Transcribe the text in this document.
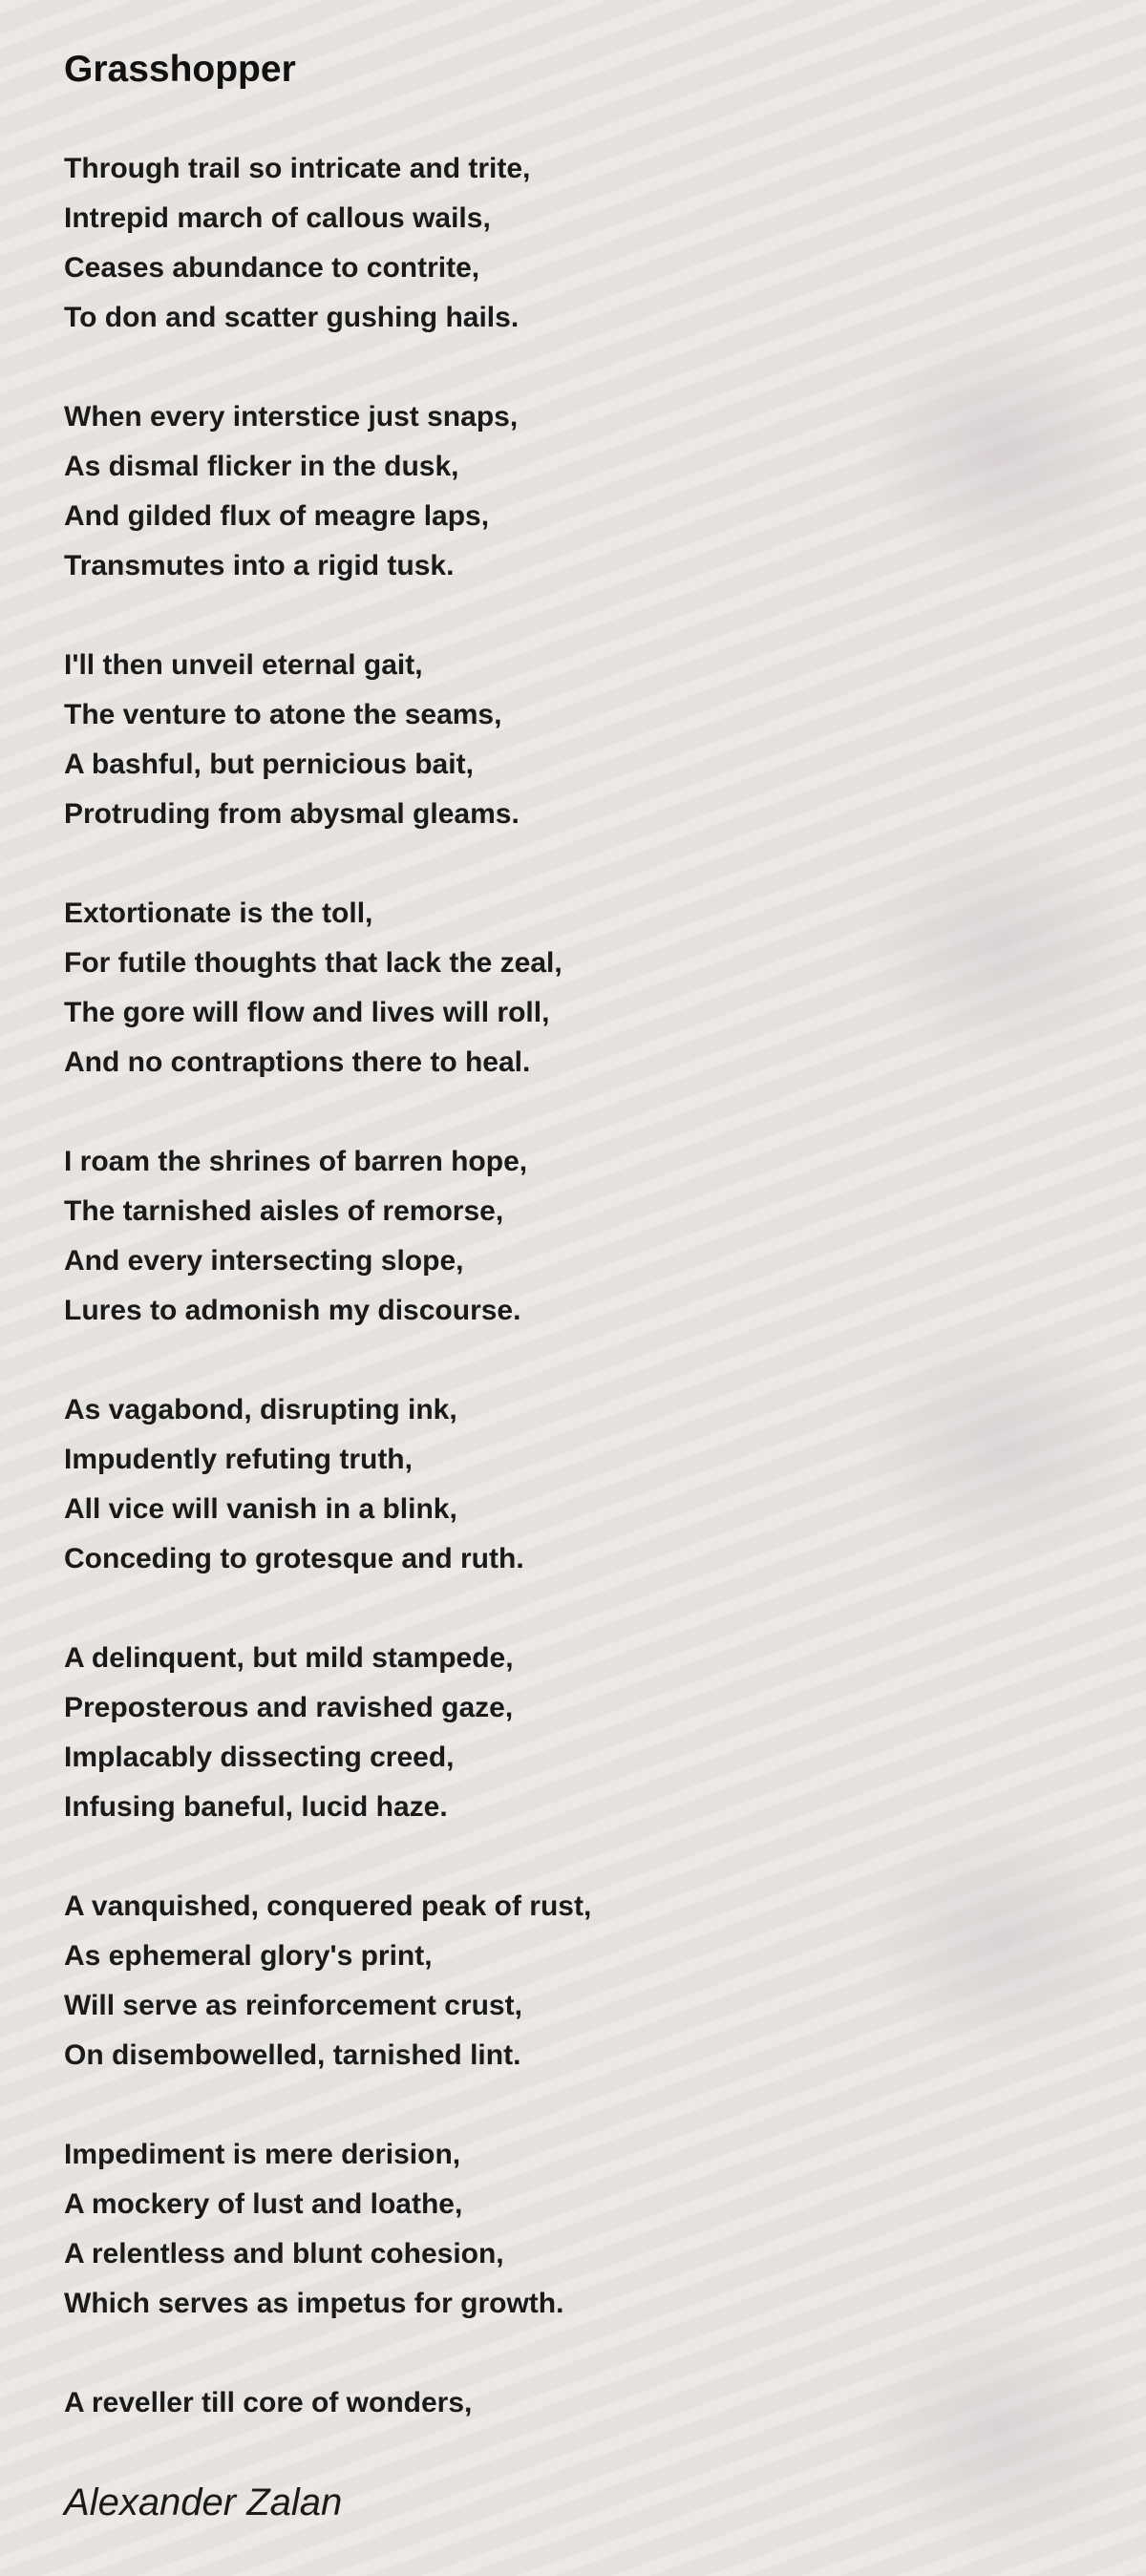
Grasshopper
Through trail so intricate and trite,
Intrepid march of callous wails,
Ceases abundance to contrite,
To don and scatter gushing hails.
When every interstice just snaps,
As dismal flicker in the dusk,
And gilded flux of meagre laps,
Transmutes into a rigid tusk.
I'll then unveil eternal gait,
The venture to atone the seams,
A bashful, but pernicious bait,
Protruding from abysmal gleams.
Extortionate is the toll,
For futile thoughts that lack the zeal,
The gore will flow and lives will roll,
And no contraptions there to heal.
I roam the shrines of barren hope,
The tarnished aisles of remorse,
And every intersecting slope,
Lures to admonish my discourse.
As vagabond, disrupting ink,
Impudently refuting truth,
All vice will vanish in a blink,
Conceding to grotesque and ruth.
A delinquent, but mild stampede,
Preposterous and ravished gaze,
Implacably dissecting creed,
Infusing baneful, lucid haze.
A vanquished, conquered peak of rust,
As ephemeral glory's print,
Will serve as reinforcement crust,
On disembowelled, tarnished lint.
Impediment is mere derision,
A mockery of lust and loathe,
A relentless and blunt cohesion,
Which serves as impetus for growth.
A reveller till core of wonders,

Alexander Zalan
